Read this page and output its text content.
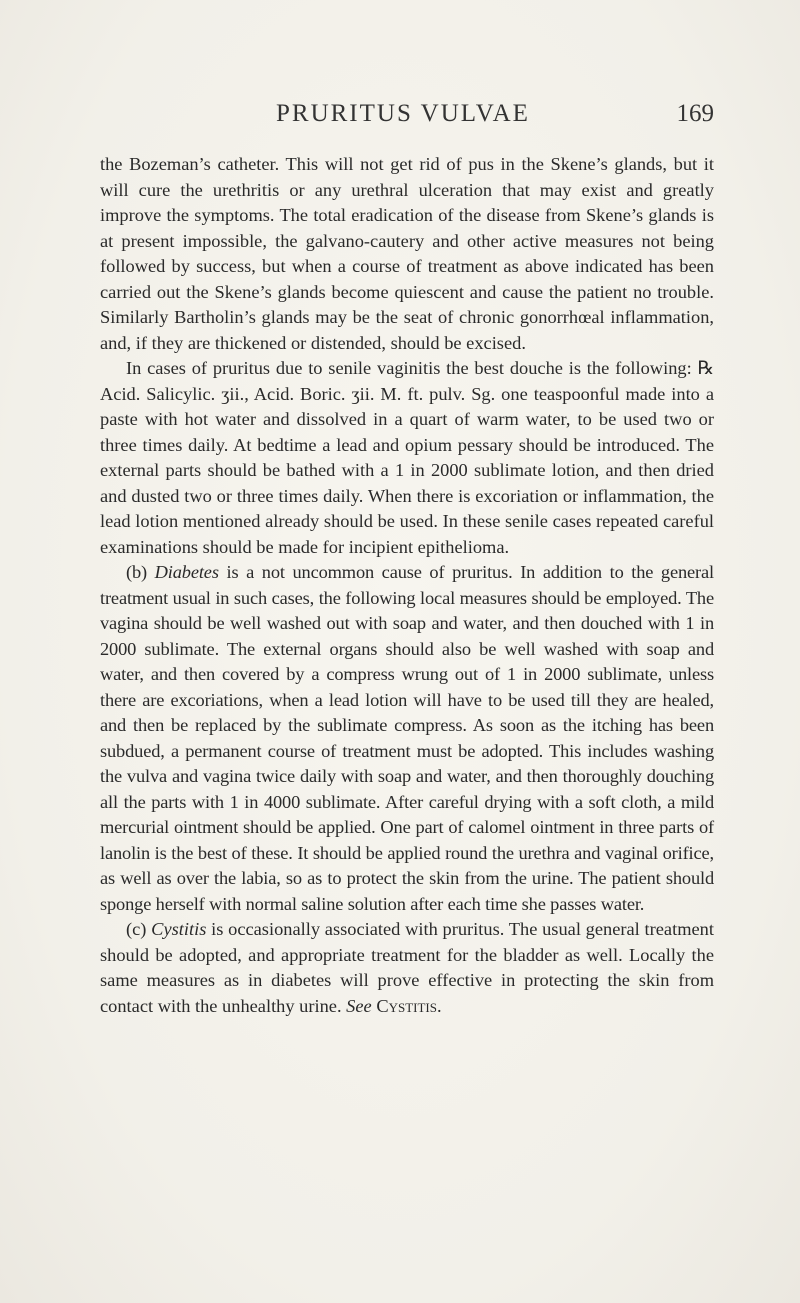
PRURITUS VULVAE	169

the Bozeman’s catheter. This will not get rid of pus in the Skene’s glands, but it will cure the urethritis or any urethral ulceration that may exist and greatly improve the symptoms. The total eradication of the disease from Skene’s glands is at present impossible, the galvano-cautery and other active measures not being followed by success, but when a course of treatment as above indicated has been carried out the Skene’s glands become quiescent and cause the patient no trouble. Similarly Bartholin’s glands may be the seat of chronic gonorrhœal inflammation, and, if they are thickened or distended, should be excised.

In cases of pruritus due to senile vaginitis the best douche is the following: ℞ Acid. Salicylic. ʒii., Acid. Boric. ʒii. M. ft. pulv. Sg. one teaspoonful made into a paste with hot water and dissolved in a quart of warm water, to be used two or three times daily. At bedtime a lead and opium pessary should be introduced. The external parts should be bathed with a 1 in 2000 sublimate lotion, and then dried and dusted two or three times daily. When there is excoriation or inflammation, the lead lotion mentioned already should be used. In these senile cases repeated careful examinations should be made for incipient epithelioma.

(b) Diabetes is a not uncommon cause of pruritus. In addition to the general treatment usual in such cases, the following local measures should be employed. The vagina should be well washed out with soap and water, and then douched with 1 in 2000 sublimate. The external organs should also be well washed with soap and water, and then covered by a compress wrung out of 1 in 2000 sublimate, unless there are excoriations, when a lead lotion will have to be used till they are healed, and then be replaced by the sublimate compress. As soon as the itching has been subdued, a permanent course of treatment must be adopted. This includes washing the vulva and vagina twice daily with soap and water, and then thoroughly douching all the parts with 1 in 4000 sublimate. After careful drying with a soft cloth, a mild mercurial ointment should be applied. One part of calomel ointment in three parts of lanolin is the best of these. It should be applied round the urethra and vaginal orifice, as well as over the labia, so as to protect the skin from the urine. The patient should sponge herself with normal saline solution after each time she passes water.

(c) Cystitis is occasionally associated with pruritus. The usual general treatment should be adopted, and appropriate treatment for the bladder as well. Locally the same measures as in diabetes will prove effective in protecting the skin from contact with the unhealthy urine. See Cystitis.
